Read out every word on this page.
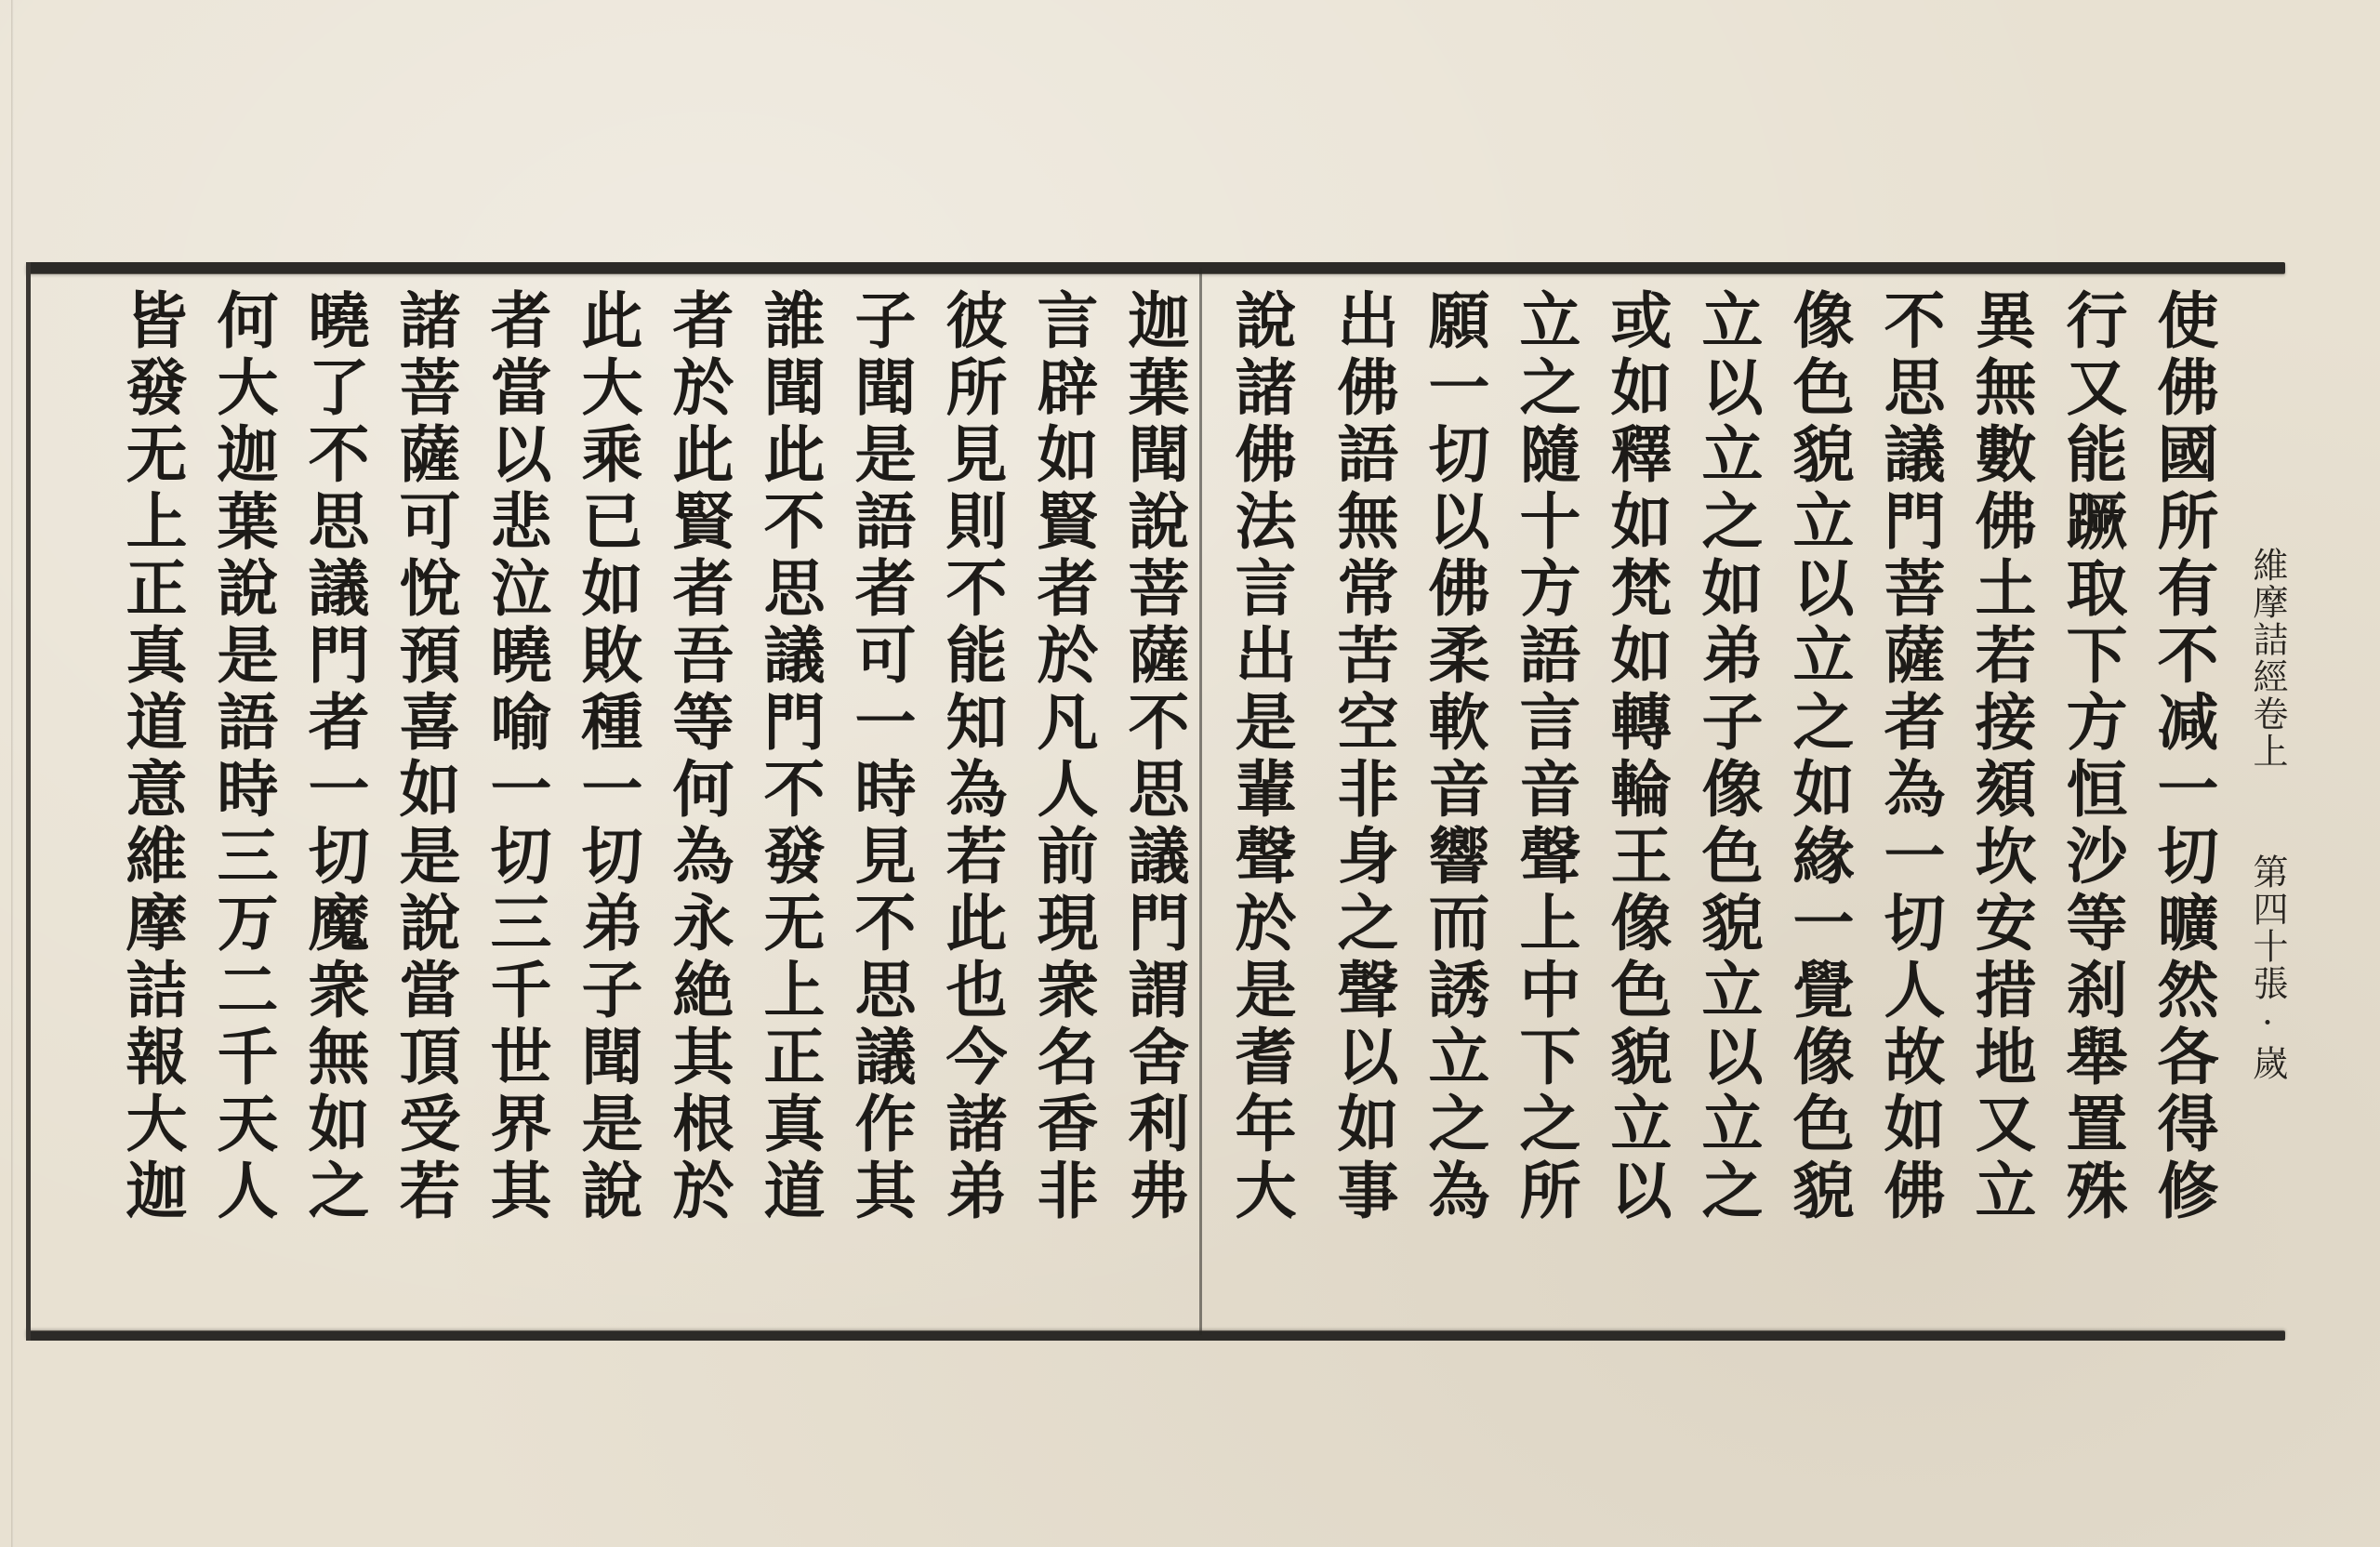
使佛國所有不减一切曠然各得修
行又能蹶取下方恒沙等刹舉置殊
異無數佛土若接頦坎安措地又立
不思議門菩薩者為一切人故如佛
像色貌立以立之如緣一覺像色貌
立以立之如弟子像色貌立以立之
或如釋如梵如轉輪王像色貌立以
立之隨十方語言音聲上中下之所
願一切以佛柔軟音響而誘立之為
出佛語無常苦空非身之聲以如事
說諸佛法言出是輩聲於是耆年大
迦葉聞說菩薩不思議門謂舍利弗
言辟如賢者於凡人前現衆名香非
彼所見則不能知為若此也今諸弟
子聞是語者可一時見不思議作其
誰聞此不思議門不發无上正真道
者於此賢者吾等何為永絶其根於
此大乘已如敗種一切弟子聞是說
者當以悲泣曉喻一切三千世界其
諸菩薩可悅預喜如是說當頂受若
曉了不思議門者一切魔衆無如之
何大迦葉說是語時三万二千天人
皆發无上正真道意維摩詰報大迦	維摩詰經卷上
第四十張·嵗
